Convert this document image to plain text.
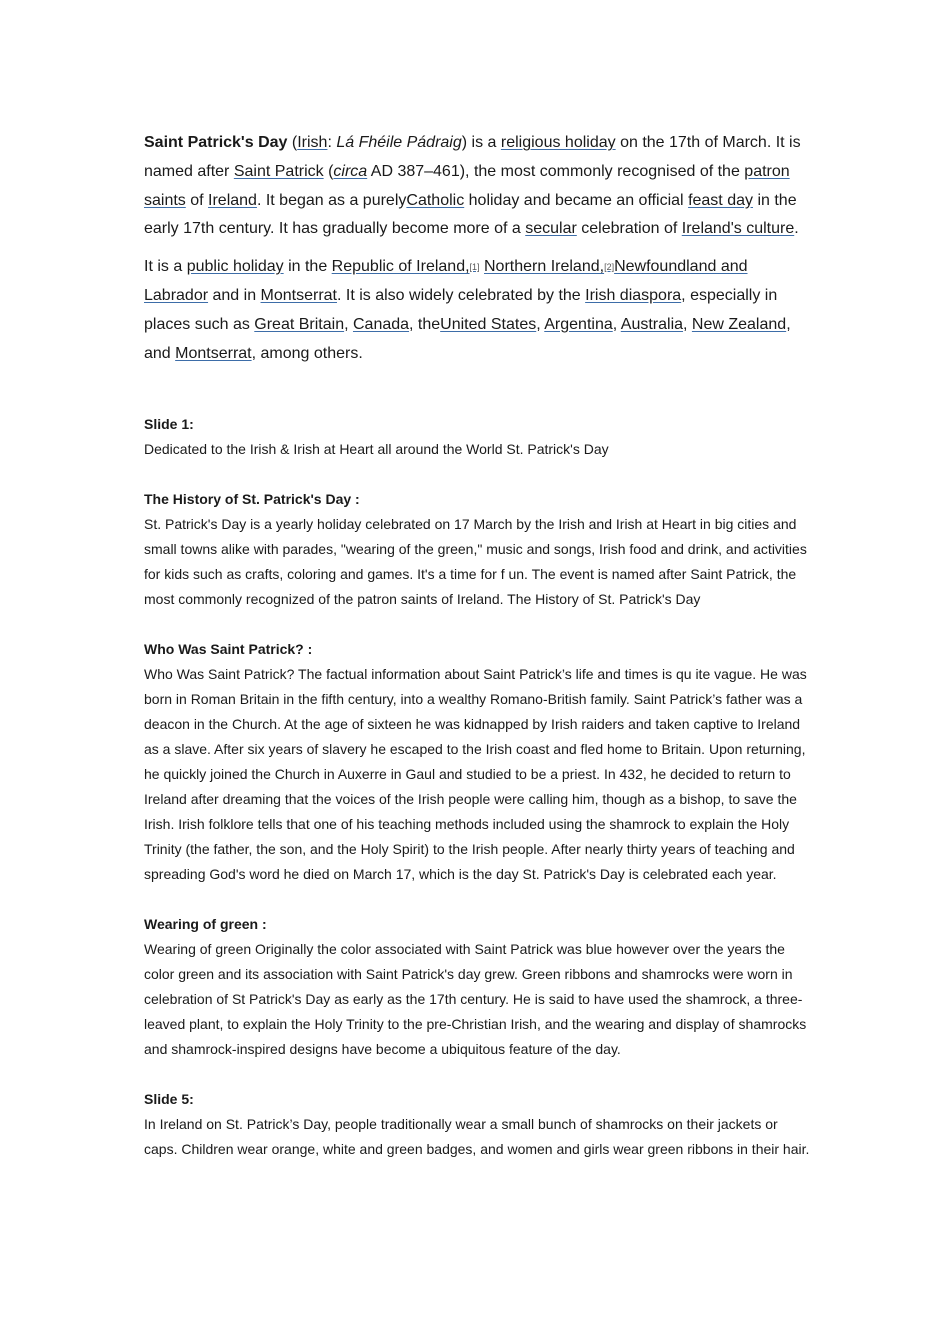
Saint Patrick's Day (Irish: Lá Fhéile Pádraig) is a religious holiday on the 17th of March. It is named after Saint Patrick (circa AD 387–461), the most commonly recognised of the patron saints of Ireland. It began as a purelyCatholic holiday and became an official feast day in the early 17th century. It has gradually become more of a secular celebration of Ireland's culture.

It is a public holiday in the Republic of Ireland,[1] Northern Ireland,[2]Newfoundland and Labrador and in Montserrat. It is also widely celebrated by the Irish diaspora, especially in places such as Great Britain, Canada, theUnited States, Argentina, Australia, New Zealand, and Montserrat, among others.

Slide 1:

Dedicated to the Irish & Irish at Heart all around the World St. Patrick's Day

The History of St. Patrick's Day :

St. Patrick's Day is a yearly holiday celebrated on 17 March by the Irish and Irish at Heart in big cities and small towns alike with parades, "wearing of the green," music and songs, Irish food and drink, and activities for kids such as crafts, coloring and games. It's a time for f un. The event is named after Saint Patrick, the most commonly recognized of the patron saints of Ireland. The History of St. Patrick's Day

Who Was Saint Patrick? :

Who Was Saint Patrick? The factual information about Saint Patrick’s life and times is qu ite vague. He was born in Roman Britain in the fifth century, into a wealthy Romano-British family. Saint Patrick’s father was a deacon in the Church. At the age of sixteen he was kidnapped by Irish raiders and taken captive to Ireland as a slave. After six years of slavery he escaped to the Irish coast and fled home to Britain. Upon returning, he quickly joined the Church in Auxerre in Gaul and studied to be a priest. In 432, he decided to return to Ireland after dreaming that the voices of the Irish people were calling him, though as a bishop, to save the Irish. Irish folklore tells that one of his teaching methods included using the shamrock to explain the Holy Trinity (the father, the son, and the Holy Spirit) to the Irish people. After nearly thirty years of teaching and spreading God's word he died on March 17, which is the day St. Patrick's Day is celebrated each year.

Wearing of green :

Wearing of green Originally the color associated with Saint Patrick was blue however over the years the color green and its association with Saint Patrick's day grew. Green ribbons and shamrocks were worn in celebration of St Patrick's Day as early as the 17th century. He is said to have used the shamrock, a three-leaved plant, to explain the Holy Trinity to the pre-Christian Irish, and the wearing and display of shamrocks and shamrock-inspired designs have become a ubiquitous feature of the day.

Slide 5:

In Ireland on St. Patrick’s Day, people traditionally wear a small bunch of shamrocks on their jackets or caps. Children wear orange, white and green badges, and women and girls wear green ribbons in their hair.
